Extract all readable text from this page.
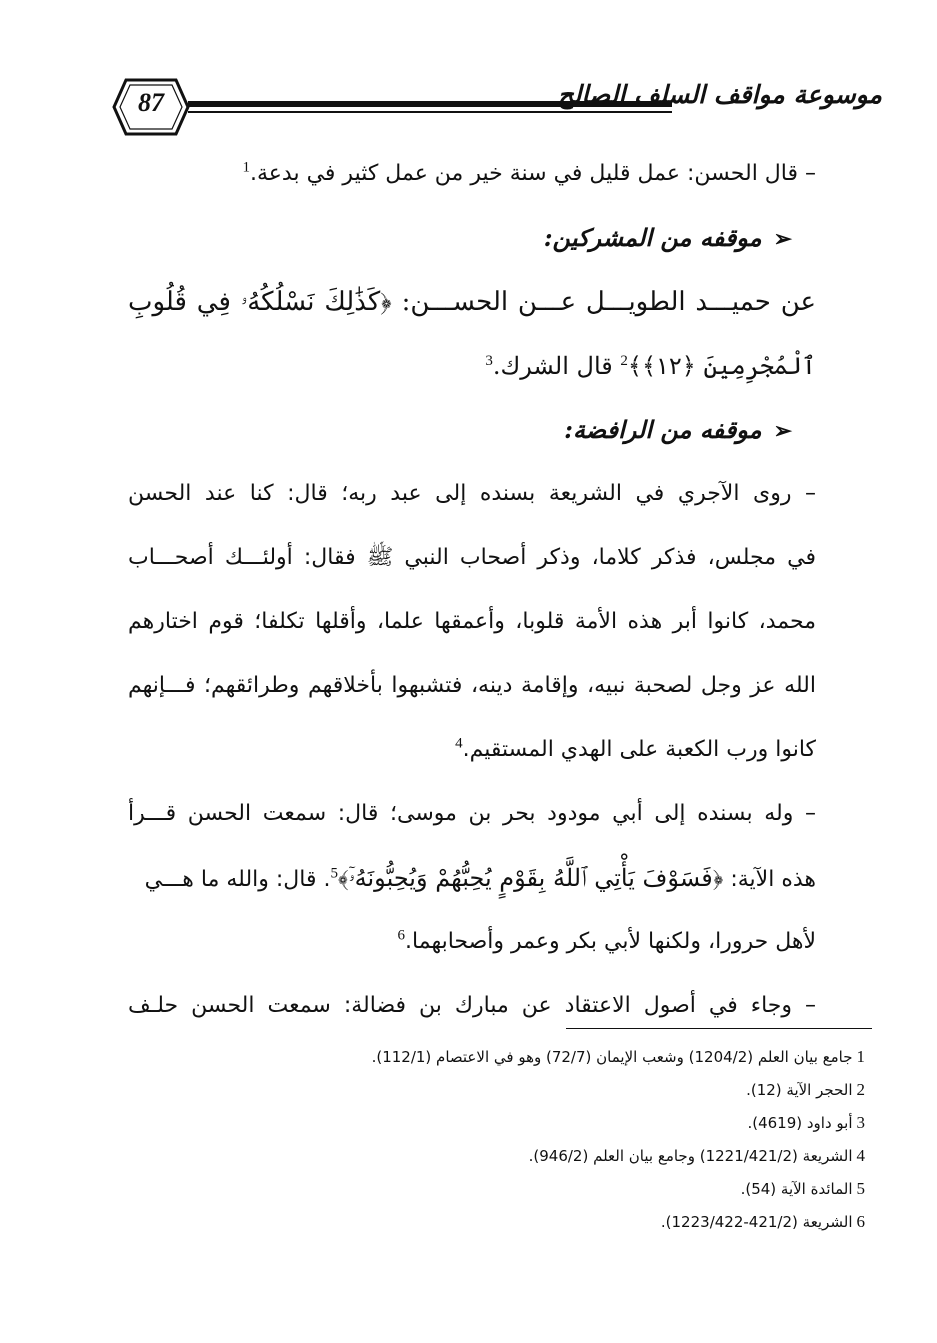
87	موسوعة مواقف السلف الصالح
– قال الحسن: عمل قليل في سنة خير من عمل كثير في بدعة.$^1$
➢موقفه من المشركين:
عن حميـــد الطويـــل عـــن الحســـن: ﴿كَذَٰلِكَ نَسْلُكُهُۥ فِي قُلُوبِ
ٱلْمُجْرِمِينَ ﴿١٢﴾﴾$^2$ قال الشرك.$^3$
➢موقفه من الرافضة:
– روى الآجري في الشريعة بسنده إلى عبد ربه؛ قال: كنا عند الحسن
في مجلس، فذكر كلاما، وذكر أصحاب النبي ﷺ فقال: أولئـــك أصحـــاب
محمد، كانوا أبر هذه الأمة قلوبا، وأعمقها علما، وأقلها تكلفا؛ قوم اختارهم
الله عز وجل لصحبة نبيه، وإقامة دينه، فتشبهوا بأخلاقهم وطرائقهم؛ فـــإنهم
كانوا ورب الكعبة على الهدي المستقيم.$^4$
– وله بسنده إلى أبي مودود بحر بن موسى؛ قال: سمعت الحسن قـــرأ
هذه الآية: ﴿فَسَوْفَ يَأْتِي ٱللَّهُ بِقَوْمٍ يُحِبُّهُمْ وَيُحِبُّونَهُۥٓ﴾$^5$. قال: والله ما هـــي
لأهل حرورا، ولكنها لأبي بكر وعمر وأصحابهما.$^6$
– وجاء في أصول الاعتقاد عن مبارك بن فضالة: سمعت الحسن حلـف
1جامع بيان العلم (1204/2) وشعب الإيمان (72/7) وهو في الاعتصام (112/1).
2الحجر الآية (12).
3أبو داود (4619).
4الشريعة (1221/421/2) وجامع بيان العلم (946/2).
5المائدة الآية (54).
6الشريعة (421/2-1223/422).
